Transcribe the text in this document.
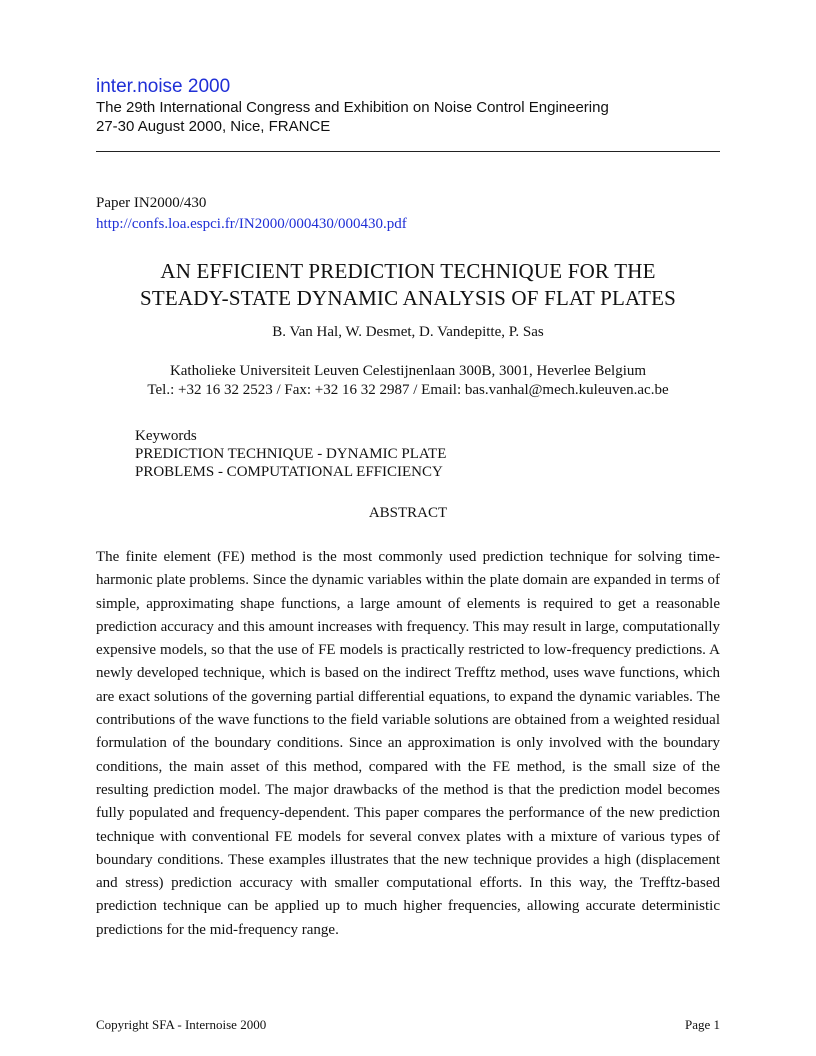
inter.noise 2000

The 29th International Congress and Exhibition on Noise Control Engineering

27-30 August 2000, Nice, FRANCE

Paper IN2000/430
http://confs.loa.espci.fr/IN2000/000430/000430.pdf
AN EFFICIENT PREDICTION TECHNIQUE FOR THE
STEADY-STATE DYNAMIC ANALYSIS OF FLAT PLATES
B. Van Hal, W. Desmet, D. Vandepitte, P. Sas
Katholieke Universiteit Leuven Celestijnenlaan 300B, 3001, Heverlee Belgium
Tel.: +32 16 32 2523 / Fax: +32 16 32 2987 / Email: bas.vanhal@mech.kuleuven.ac.be
Keywords
PREDICTION TECHNIQUE - DYNAMIC PLATE
PROBLEMS - COMPUTATIONAL EFFICIENCY
ABSTRACT

The finite element (FE) method is the most commonly used prediction technique for solving time-harmonic plate problems. Since the dynamic variables within the plate domain are expanded in terms of simple, approximating shape functions, a large amount of elements is required to get a reasonable prediction accuracy and this amount increases with frequency. This may result in large, computationally expensive models, so that the use of FE models is practically restricted to low-frequency predictions. A newly developed technique, which is based on the indirect Trefftz method, uses wave functions, which are exact solutions of the governing partial differential equations, to expand the dynamic variables. The contributions of the wave functions to the field variable solutions are obtained from a weighted residual formulation of the boundary conditions. Since an approximation is only involved with the boundary conditions, the main asset of this method, compared with the FE method, is the small size of the resulting prediction model. The major drawbacks of the method is that the prediction model becomes fully populated and frequency-dependent. This paper compares the performance of the new prediction technique with conventional FE models for several convex plates with a mixture of various types of boundary conditions. These examples illustrates that the new technique provides a high (displacement and stress) prediction accuracy with smaller computational efforts. In this way, the Trefftz-based prediction technique can be applied up to much higher frequencies, allowing accurate deterministic predictions for the mid-frequency range.

Copyright SFA - Internoise 2000	Page 1
